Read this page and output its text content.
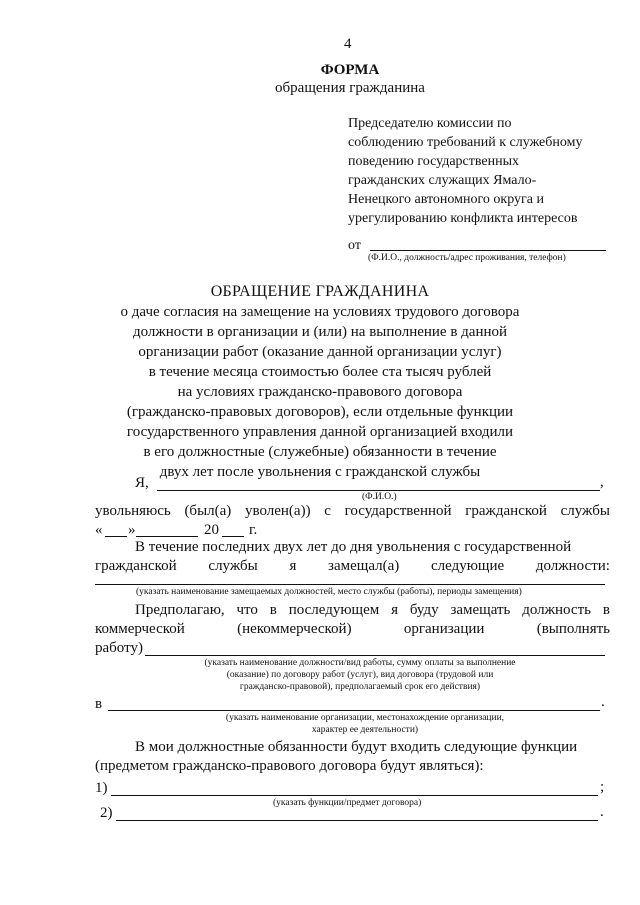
4
ФОРМА
обращения гражданина
Председателю комиссии по
соблюдению требований к служебному
поведению государственных
гражданских служащих Ямало-
Ненецкого автономного округа и
урегулированию конфликта интересов
от
(Ф.И.О., должность/адрес проживания, телефон)
ОБРАЩЕНИЕ ГРАЖДАНИНА
о даче согласия на замещение на условиях трудового договора
должности в организации и (или) на выполнение в данной
организации работ (оказание данной организации услуг)
в течение месяца стоимостью более ста тысяч рублей
на условиях гражданско-правового договора
(гражданско-правовых договоров), если отдельные функции
государственного управления данной организацией входили
в его должностные (служебные) обязанности в течение
двух лет после увольнения с гражданской службы
Я,	,
(Ф.И.О.)
увольняюсь (был(а) уволен(а)) с государственной гражданской службы
« »	20 г.
В течение последних двух лет до дня увольнения с государственной
гражданской службы я замещал(а) следующие должности:
(указать наименование замещаемых должностей, место службы (работы), периоды замещения)
Предполагаю, что в последующем я буду замещать должность в
коммерческой	(некоммерческой)	организации	(выполнять
работу)
(указать наименование должности/вид работы, сумму оплаты за выполнение
(оказание) по договору работ (услуг), вид договора (трудовой или
гражданско-правовой), предполагаемый срок его действия)
в	.
(указать наименование организации, местонахождение организации,
характер ее деятельности)
В мои должностные обязанности будут входить следующие функции
(предметом гражданско-правового договора будут являться):
1)	;
(указать функции/предмет договора)
2)	.
